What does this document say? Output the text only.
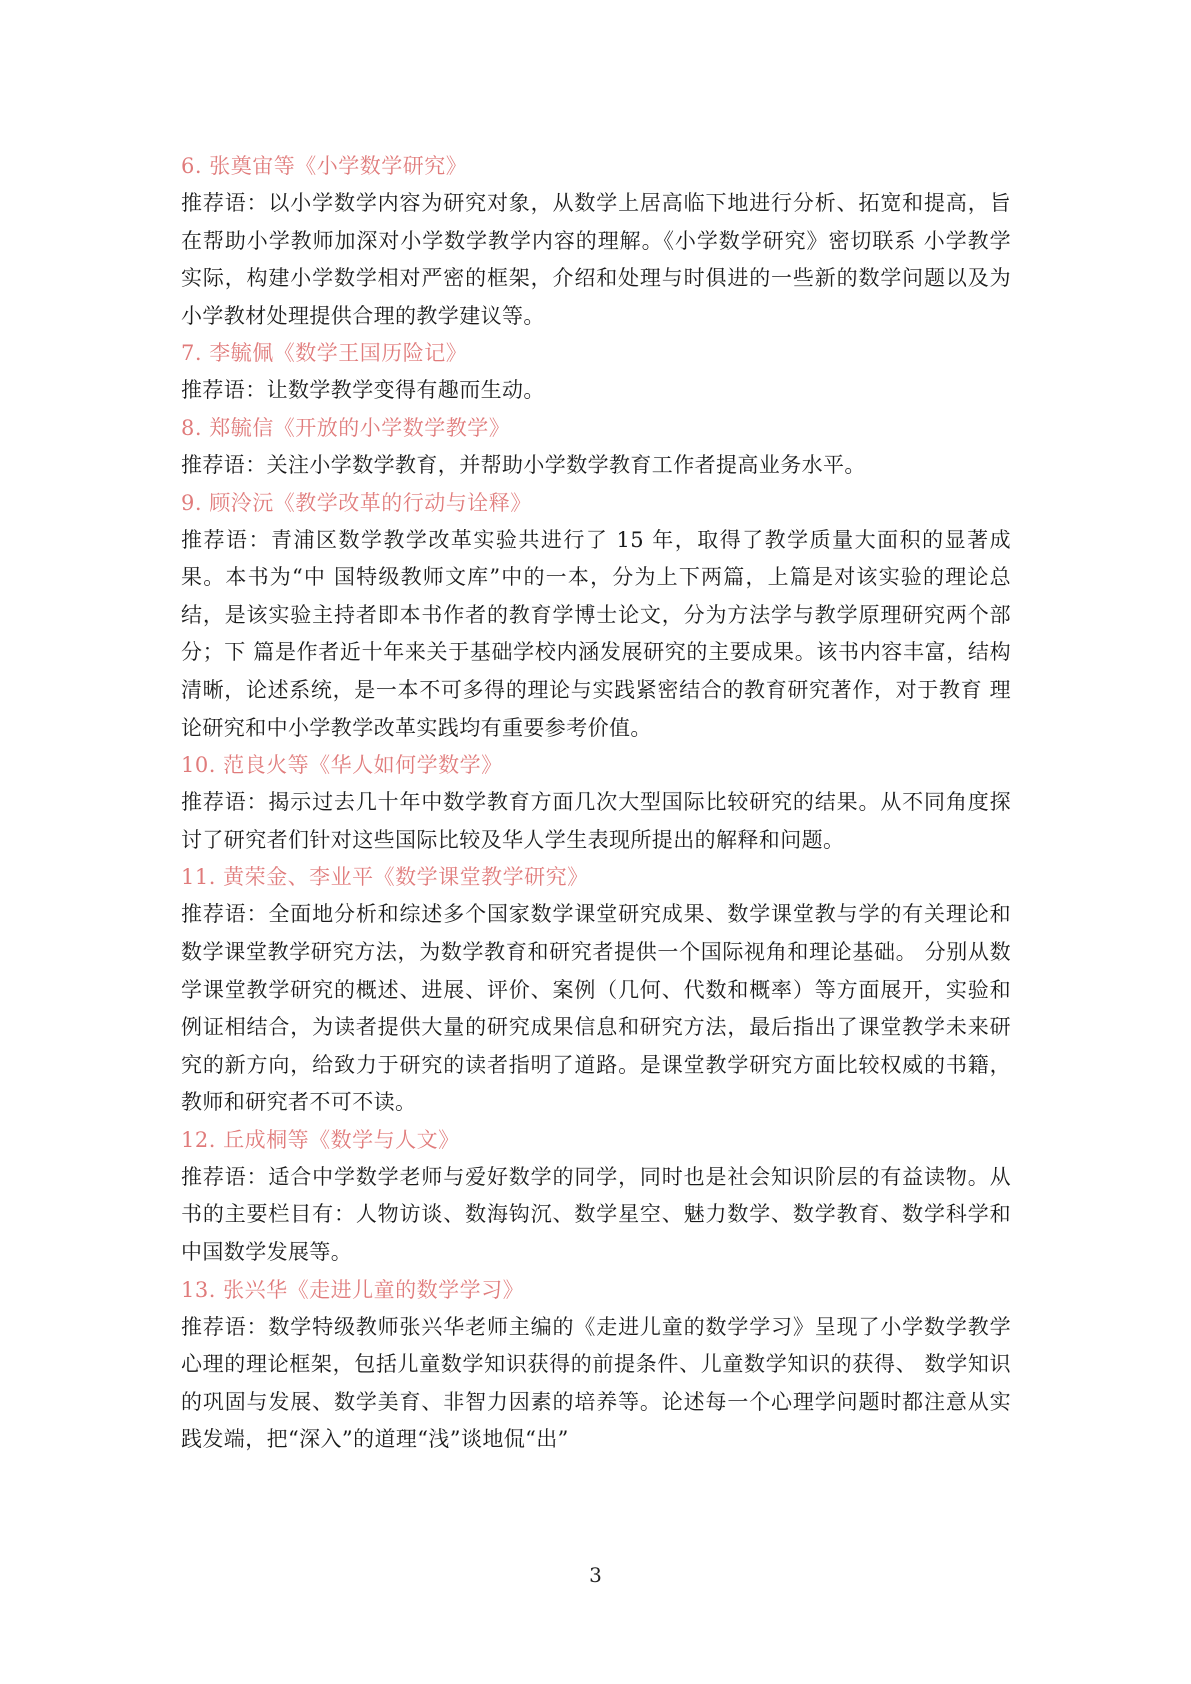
6. 张奠宙等《小学数学研究》

推荐语：以小学数学内容为研究对象，从数学上居高临下地进行分析、拓宽和提高，旨在帮助小学教师加深对小学数学教学内容的理解。《小学数学研究》密切联系 小学教学实际，构建小学数学相对严密的框架，介绍和处理与时俱进的一些新的数学问题以及为小学教材处理提供合理的教学建议等。

7. 李毓佩《数学王国历险记》

推荐语：让数学教学变得有趣而生动。

8. 郑毓信《开放的小学数学教学》

推荐语：关注小学数学教育，并帮助小学数学教育工作者提高业务水平。

9. 顾泠沅《教学改革的行动与诠释》

推荐语：青浦区数学教学改革实验共进行了 15 年，取得了教学质量大面积的显著成果。本书为“中 国特级教师文库”中的一本，分为上下两篇，上篇是对该实验的理论总结，是该实验主持者即本书作者的教育学博士论文，分为方法学与教学原理研究两个部分；下 篇是作者近十年来关于基础学校内涵发展研究的主要成果。该书内容丰富，结构清晰，论述系统，是一本不可多得的理论与实践紧密结合的教育研究著作，对于教育 理论研究和中小学教学改革实践均有重要参考价值。

10. 范良火等《华人如何学数学》

推荐语：揭示过去几十年中数学教育方面几次大型国际比较研究的结果。从不同角度探讨了研究者们针对这些国际比较及华人学生表现所提出的解释和问题。

11. 黄荣金、李业平《数学课堂教学研究》

推荐语：全面地分析和综述多个国家数学课堂研究成果、数学课堂教与学的有关理论和数学课堂教学研究方法，为数学教育和研究者提供一个国际视角和理论基础。 分别从数学课堂教学研究的概述、进展、评价、案例（几何、代数和概率）等方面展开，实验和例证相结合，为读者提供大量的研究成果信息和研究方法，最后指出了课堂教学未来研究的新方向，给致力于研究的读者指明了道路。是课堂教学研究方面比较权威的书籍，教师和研究者不可不读。

12. 丘成桐等《数学与人文》

推荐语：适合中学数学老师与爱好数学的同学，同时也是社会知识阶层的有益读物。从书的主要栏目有：人物访谈、数海钩沉、数学星空、魅力数学、数学教育、数学科学和中国数学发展等。

13. 张兴华《走进儿童的数学学习》

推荐语：数学特级教师张兴华老师主编的《走进儿童的数学学习》呈现了小学数学教学心理的理论框架，包括儿童数学知识获得的前提条件、儿童数学知识的获得、 数学知识的巩固与发展、数学美育、非智力因素的培养等。论述每一个心理学问题时都注意从实践发端，把“深入”的道理“浅”谈地侃“出”

3
